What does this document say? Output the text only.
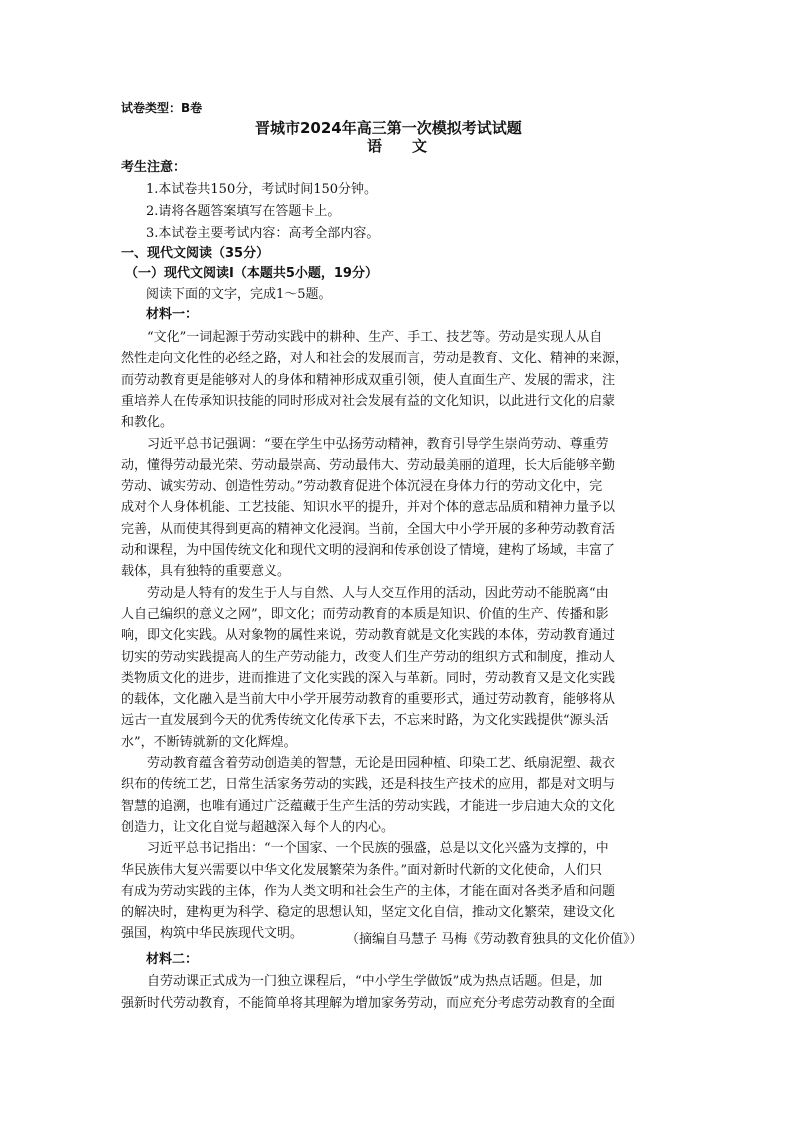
试卷类型：B卷
晋城市2024年高三第一次模拟考试试题
语　　文
考生注意：
1.本试卷共150分，考试时间150分钟。
2.请将各题答案填写在答题卡上。
3.本试卷主要考试内容：高考全部内容。
一、现代文阅读（35分）
（一）现代文阅读Ⅰ（本题共5小题，19分）
阅读下面的文字，完成1～5题。
材料一：
“文化”一词起源于劳动实践中的耕种、生产、手工、技艺等。劳动是实现人从自
然性走向文化性的必经之路，对人和社会的发展而言，劳动是教育、文化、精神的来源，
而劳动教育更是能够对人的身体和精神形成双重引领，使人直面生产、发展的需求，注
重培养人在传承知识技能的同时形成对社会发展有益的文化知识，以此进行文化的启蒙
和教化。
习近平总书记强调：“要在学生中弘扬劳动精神，教育引导学生崇尚劳动、尊重劳
动，懂得劳动最光荣、劳动最崇高、劳动最伟大、劳动最美丽的道理，长大后能够辛勤
劳动、诚实劳动、创造性劳动。”劳动教育促进个体沉浸在身体力行的劳动文化中，完
成对个人身体机能、工艺技能、知识水平的提升，并对个体的意志品质和精神力量予以
完善，从而使其得到更高的精神文化浸润。当前，全国大中小学开展的多种劳动教育活
动和课程，为中国传统文化和现代文明的浸润和传承创设了情境，建构了场域，丰富了
载体，具有独特的重要意义。
劳动是人特有的发生于人与自然、人与人交互作用的活动，因此劳动不能脱离“由
人自己编织的意义之网”，即文化；而劳动教育的本质是知识、价值的生产、传播和影
响，即文化实践。从对象物的属性来说，劳动教育就是文化实践的本体，劳动教育通过
切实的劳动实践提高人的生产劳动能力，改变人们生产劳动的组织方式和制度，推动人
类物质文化的进步，进而推进了文化实践的深入与革新。同时，劳动教育又是文化实践
的载体，文化融入是当前大中小学开展劳动教育的重要形式，通过劳动教育，能够将从
远古一直发展到今天的优秀传统文化传承下去，不忘来时路，为文化实践提供“源头活
水”，不断铸就新的文化辉煌。
劳动教育蕴含着劳动创造美的智慧，无论是田园种植、印染工艺、纸扇泥塑、裁衣
织布的传统工艺，日常生活家务劳动的实践，还是科技生产技术的应用，都是对文明与
智慧的追溯，也唯有通过广泛蕴藏于生产生活的劳动实践，才能进一步启迪大众的文化
创造力，让文化自觉与超越深入每个人的内心。
习近平总书记指出：“一个国家、一个民族的强盛，总是以文化兴盛为支撑的，中
华民族伟大复兴需要以中华文化发展繁荣为条件。”面对新时代新的文化使命，人们只
有成为劳动实践的主体，作为人类文明和社会生产的主体，才能在面对各类矛盾和问题
的解决时，建构更为科学、稳定的思想认知，坚定文化自信，推动文化繁荣，建设文化
强国，构筑中华民族现代文明。	（摘编自马慧子 马梅《劳动教育独具的文化价值》）
材料二：
自劳动课正式成为一门独立课程后，“中小学生学做饭”成为热点话题。但是，加
强新时代劳动教育，不能简单将其理解为增加家务劳动，而应充分考虑劳动教育的全面
